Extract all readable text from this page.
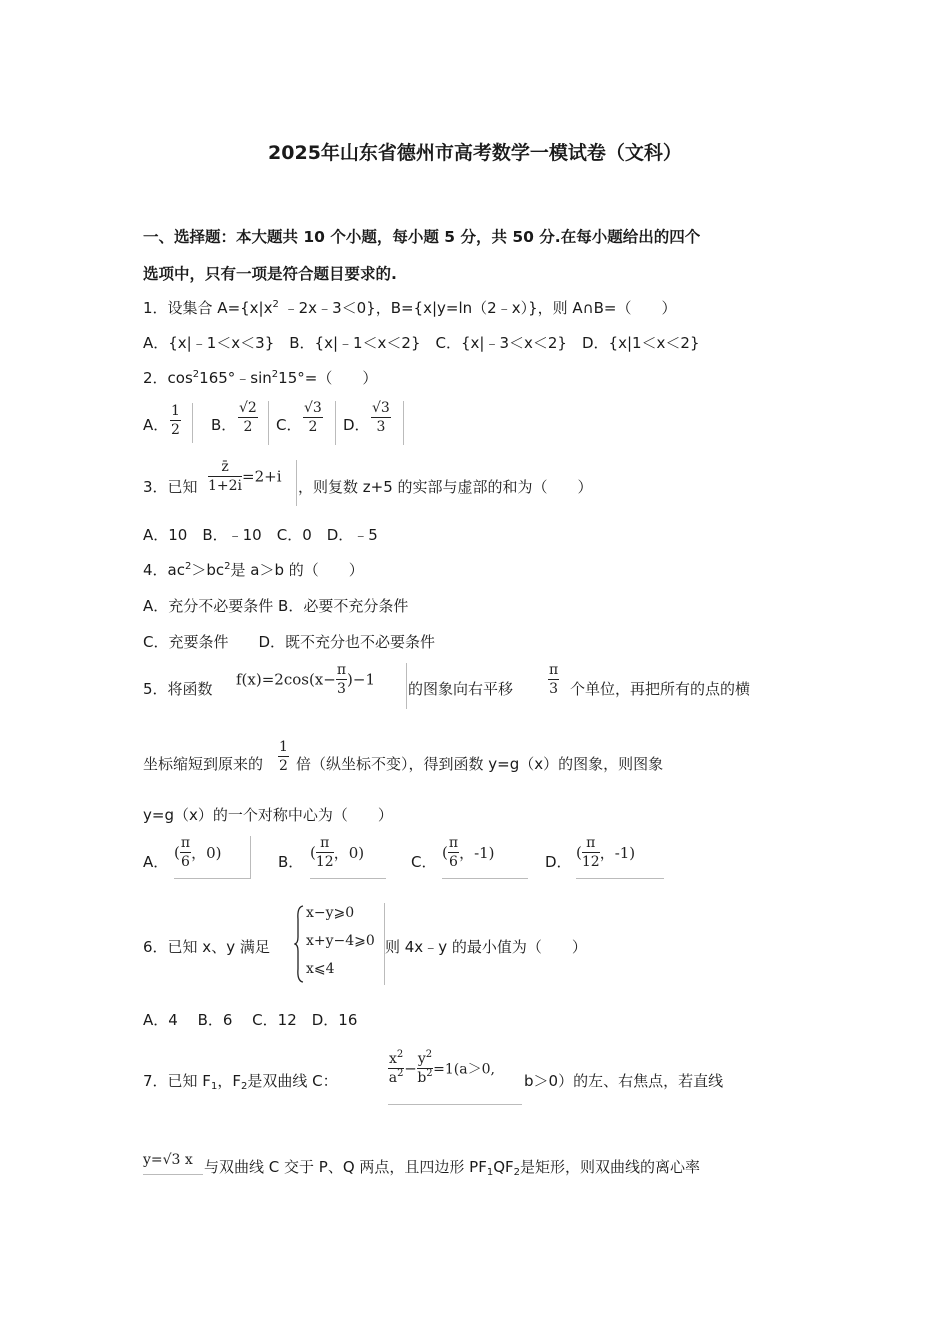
2025年山东省德州市高考数学一模试卷（文科）
一、选择题：本大题共 10 个小题，每小题 5 分，共 50 分.在每小题给出的四个
选项中，只有一项是符合题目要求的.
1．设集合 $A=\{x|x^2$ ﹣2x﹣3＜0}，B={x|y=ln（2﹣x）}，则 A∩B=（　　）
A．{x|﹣1＜x＜3}　B．{x|﹣1＜x＜2}　C．{x|﹣3＜x＜2}　D．{x|1＜x＜2}
2．$\cos^2165^\circ﹣\sin^215^\circ=$（　　）
A． $\frac{1}{2}$ B． $\frac{√2}{2}$ C． $\frac{√3}{2}$ D． $\frac{√3}{3}$
3．已知 $\frac{z̄}{1+2i} =2+i$
，则复数 z+5 的实部与虚部的和为（　　）
A．10　B．﹣10　C．0　D．﹣5
4．$ac^2>bc^2$是 a＞b 的（　　）
A．充分不必要条件 B．必要不充分条件
C．充要条件　　D．既不充分也不必要条件
5．将函数
$f(x)=2\cos(x- \frac{\pi}{3} )-1$
的图象向右平移 $\frac{\pi}{3}$ 个单位，再把所有的点的横
坐标缩短到原来的 $\frac{1}{2}$ 倍（纵坐标不变），得到函数 y=g（x）的图象，则图象
y=g（x）的一个对称中心为（　　）
A．
( $\frac{\pi}{6}$ ，0)	B．
( $\frac{\pi}{12}$ ，0)	C．
( $\frac{\pi}{6}$ ，-1)	D．
( $\frac{\pi}{12}$ ，-1)
6．已知 x、y 满足
x−y⩾0
x+y−4⩾0
x⩽4
则 4x﹣y 的最小值为（　　）
A．4　 B．6　 C．12　D．16
7．已知 $F_1$，$F_2$是双曲线 C：	$\frac{x^2}{a^2} - \frac{y^2}{b^2} =1(a>0$,
b＞0）的左、右焦点，若直线
y=√3 x 与双曲线 C 交于 P、Q 两点，且四边形 $PF_1QF_2$是矩形，则双曲线的离心率
